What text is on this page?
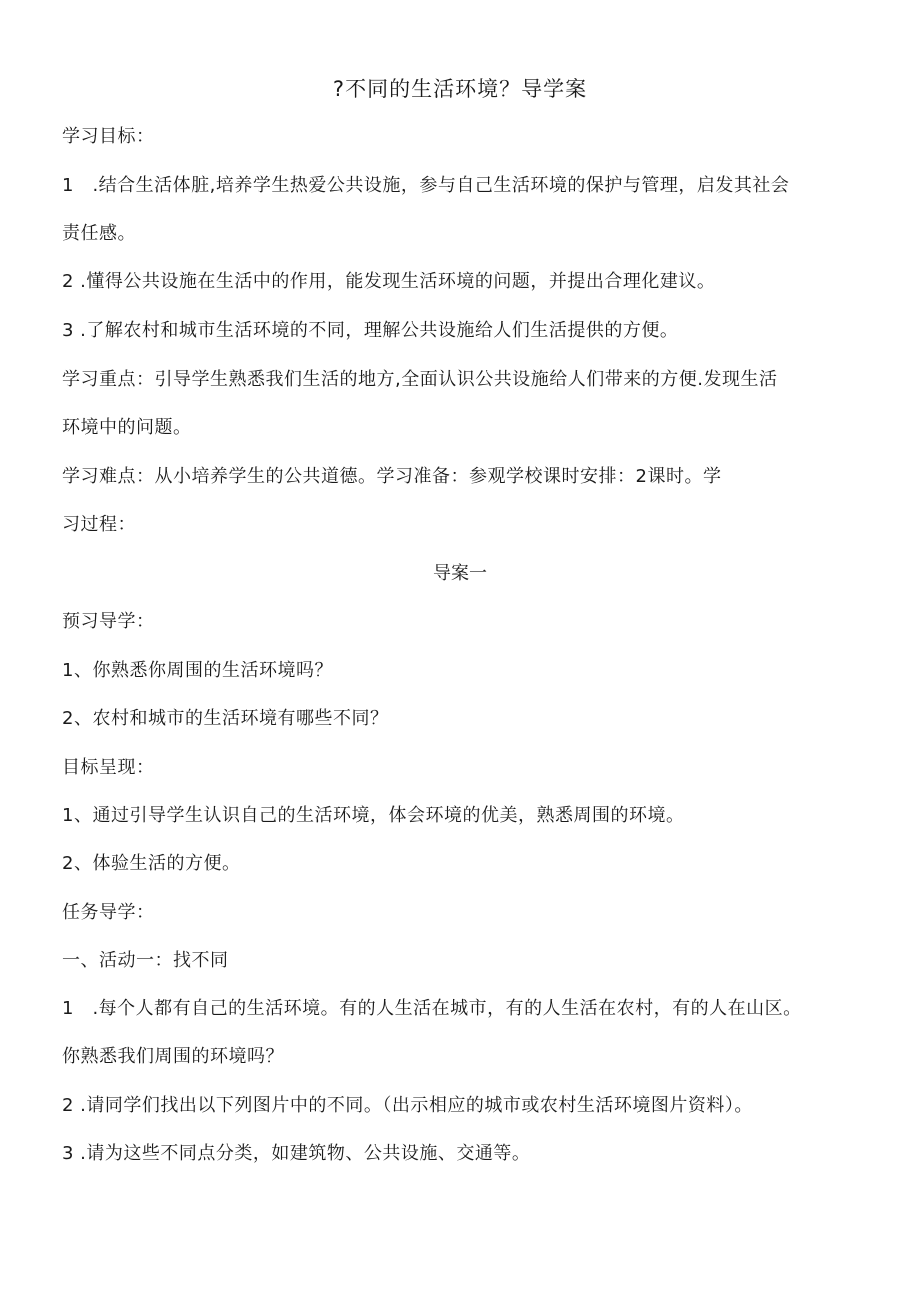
?不同的生活环境？导学案
学习目标：
1　.结合生活体脏,培养学生热爱公共设施，参与自己生活环境的保护与管理，启发其社会
责任感。
2 .懂得公共设施在生活中的作用，能发现生活环境的问题，并提出合理化建议。
3 .了解农村和城市生活环境的不同，理解公共设施给人们生活提供的方便。
学习重点：引导学生熟悉我们生活的地方,全面认识公共设施给人们带来的方便.发现生活
环境中的问题。
学习难点：从小培养学生的公共道德。学习准备：参观学校课时安排：2课时。学
习过程：
导案一
预习导学：
1、你熟悉你周围的生活环境吗？
2、农村和城市的生活环境有哪些不同？
目标呈现：
1、通过引导学生认识自己的生活环境，体会环境的优美，熟悉周围的环境。
2、体验生活的方便。
任务导学：
一、活动一：找不同
1　.每个人都有自己的生活环境。有的人生活在城市，有的人生活在农村，有的人在山区。
你熟悉我们周围的环境吗？
2 .请同学们找出以下列图片中的不同。（出示相应的城市或农村生活环境图片资料）。
3 .请为这些不同点分类，如建筑物、公共设施、交通等。
